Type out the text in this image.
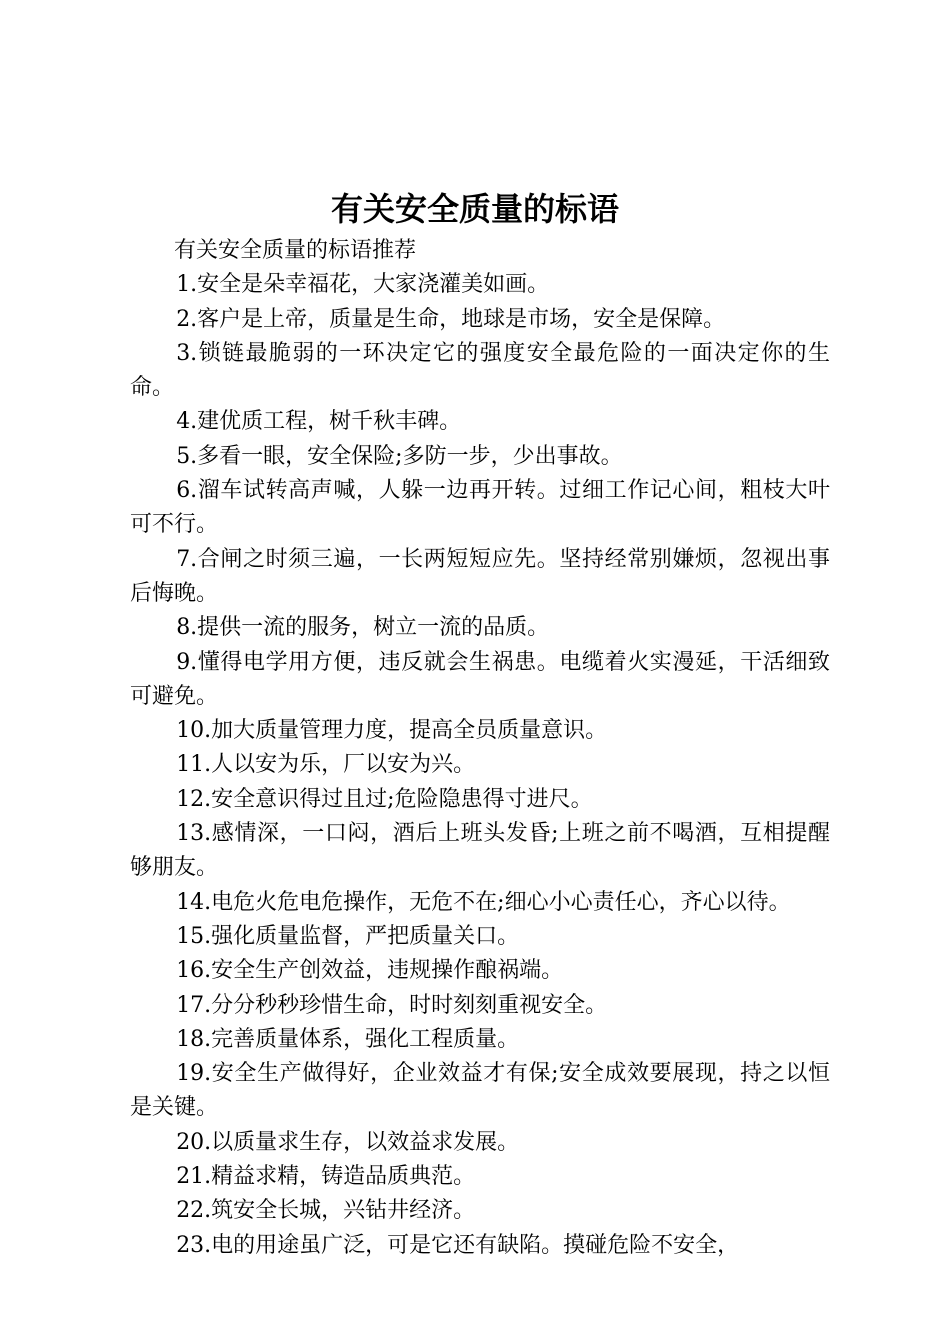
有关安全质量的标语

有关安全质量的标语推荐

1.安全是朵幸福花，大家浇灌美如画。

2.客户是上帝，质量是生命，地球是市场，安全是保障。

3.锁链最脆弱的一环决定它的强度安全最危险的一面决定你的生命。

4.建优质工程，树千秋丰碑。

5.多看一眼，安全保险;多防一步，少出事故。

6.溜车试转高声喊，人躲一边再开转。过细工作记心间，粗枝大叶可不行。

7.合闸之时须三遍，一长两短短应先。坚持经常别嫌烦，忽视出事后悔晚。

8.提供一流的服务，树立一流的品质。

9.懂得电学用方便，违反就会生祸患。电缆着火实漫延，干活细致可避免。

10.加大质量管理力度，提高全员质量意识。

11.人以安为乐，厂以安为兴。

12.安全意识得过且过;危险隐患得寸进尺。

13.感情深，一口闷，酒后上班头发昏;上班之前不喝酒，互相提醒够朋友。

14.电危火危电危操作，无危不在;细心小心责任心，齐心以待。

15.强化质量监督，严把质量关口。

16.安全生产创效益，违规操作酿祸端。

17.分分秒秒珍惜生命，时时刻刻重视安全。

18.完善质量体系，强化工程质量。

19.安全生产做得好，企业效益才有保;安全成效要展现，持之以恒是关键。

20.以质量求生存，以效益求发展。

21.精益求精，铸造品质典范。

22.筑安全长城，兴钻井经济。

23.电的用途虽广泛，可是它还有缺陷。摸碰危险不安全，
